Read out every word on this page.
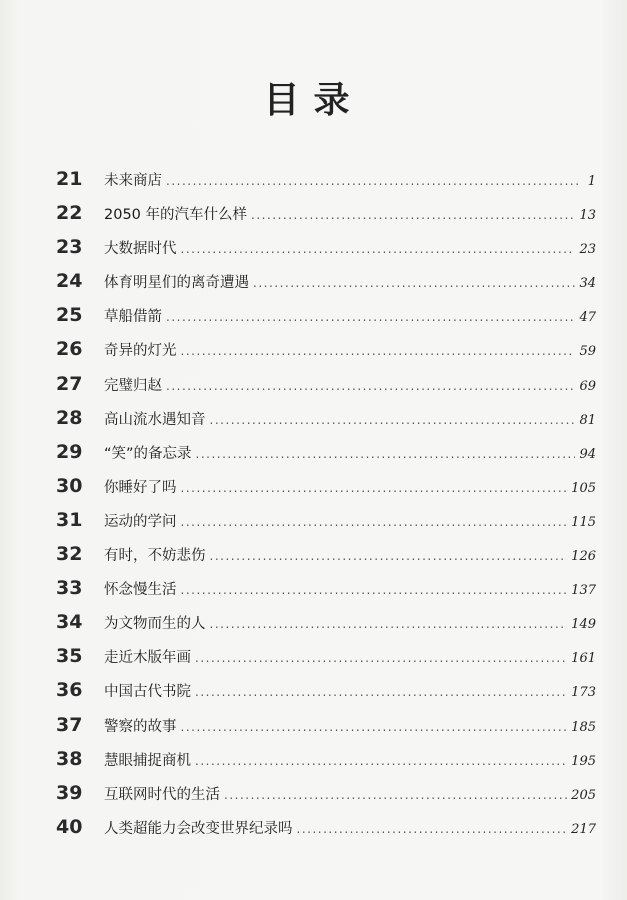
目录
21	未来商店 .....	1
22	2050 年的汽车什么样 .....	13
23	大数据时代 .....	23
24	体育明星们的离奇遭遇 .....	34
25	草船借箭 .....	47
26	奇异的灯光 .....	59
27	完璧归赵 .....	69
28	高山流水遇知音 .....	81
29	“笑”的备忘录 .....	94
30	你睡好了吗 .....	105
31	运动的学问 .....	115
32	有时，不妨悲伤 .....	126
33	怀念慢生活 .....	137
34	为文物而生的人 .....	149
35	走近木版年画 .....	161
36	中国古代书院 .....	173
37	警察的故事 .....	185
38	慧眼捕捉商机 .....	195
39	互联网时代的生活 .....	205
40	人类超能力会改变世界纪录吗 .....	217
